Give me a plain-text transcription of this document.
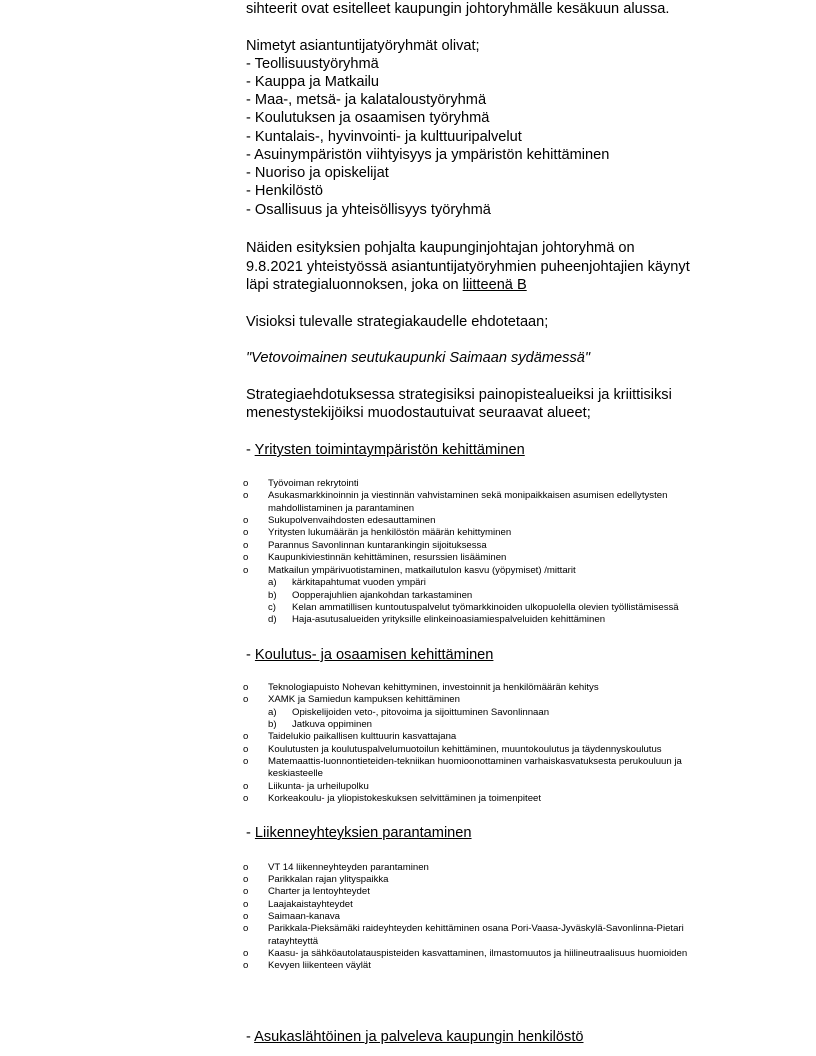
sihteerit ovat esitelleet kaupungin johtoryhmälle kesäkuun alussa.
Nimetyt asiantuntijatyöryhmät olivat;
- Teollisuustyöryhmä
- Kauppa ja Matkailu
- Maa-, metsä- ja kalataloustyöryhmä
- Koulutuksen ja osaamisen työryhmä
- Kuntalais-, hyvinvointi- ja kulttuuripalvelut
- Asuinympäristön viihtyisyys ja ympäristön kehittäminen
- Nuoriso ja opiskelijat
- Henkilöstö
- Osallisuus ja yhteisöllisyys työryhmä
Näiden esityksien pohjalta kaupunginjohtajan johtoryhmä on
9.8.2021 yhteistyössä asiantuntijatyöryhmien puheenjohtajien käynyt
läpi strategialuonnoksen, joka on liitteenä B
Visioksi tulevalle strategiakaudelle ehdotetaan;
"Vetovoimainen seutukaupunki Saimaan sydämessä"
Strategiaehdotuksessa strategisiksi painopistealueiksi ja kriittisiksi
menestystekijöiksi muodostautuivat seuraavat alueet;
- Yritysten toimintaympäristön kehittäminen
o Työvoiman rekrytointi
o Asukasmarkkinoinnin ja viestinnän vahvistaminen sekä monipaikkaisen asumisen edellytysten
mahdollistaminen ja parantaminen
o Sukupolvenvaihdosten edesauttaminen
o Yritysten lukumäärän ja henkilöstön määrän kehittyminen
o Parannus Savonlinnan kuntarankingin sijoituksessa
o Kaupunkiviestinnän kehittäminen, resurssien lisääminen
o Matkailun ympärivuotistaminen, matkailutulon kasvu (yöpymiset) /mittarit
a) kärkitapahtumat vuoden ympäri
b) Oopperajuhlien ajankohdan tarkastaminen
c) Kelan ammatillisen kuntoutuspalvelut työmarkkinoiden ulkopuolella olevien työllistämisessä
d) Haja-asutusalueiden yrityksille elinkeinoasiamiespalveluiden kehittäminen
- Koulutus- ja osaamisen kehittäminen
o Teknologiapuisto Nohevan kehittyminen, investoinnit ja henkilömäärän kehitys
o XAMK ja Samiedun kampuksen kehittäminen
a) Opiskelijoiden veto-, pitovoima ja sijoittuminen Savonlinnaan
b) Jatkuva oppiminen
o Taidelukio paikallisen kulttuurin kasvattajana
o Koulutusten ja koulutuspalvelumuotoilun kehittäminen, muuntokoulutus ja täydennyskoulutus
o Matemaattis-luonnontieteiden-tekniikan huomioonottaminen varhaiskasvatuksesta perukouluun ja
keskiasteelle
o Liikunta- ja urheilupolku
o Korkeakoulu- ja yliopistokeskuksen selvittäminen ja toimenpiteet
- Liikenneyhteyksien parantaminen
o VT 14 liikenneyhteyden parantaminen
o Parikkalan rajan ylityspaikka
o Charter ja lentoyhteydet
o Laajakaistayhteydet
o Saimaan-kanava
o Parikkala-Pieksämäki raideyhteyden kehittäminen osana Pori-Vaasa-Jyväskylä-Savonlinna-Pietari
ratayhteyttä
o Kaasu- ja sähköautolatauspisteiden kasvattaminen, ilmastomuutos ja hiilineutraalisuus huomioiden
o Kevyen liikenteen väylät
- Asukaslähtöinen ja palveleva kaupungin henkilöstö
